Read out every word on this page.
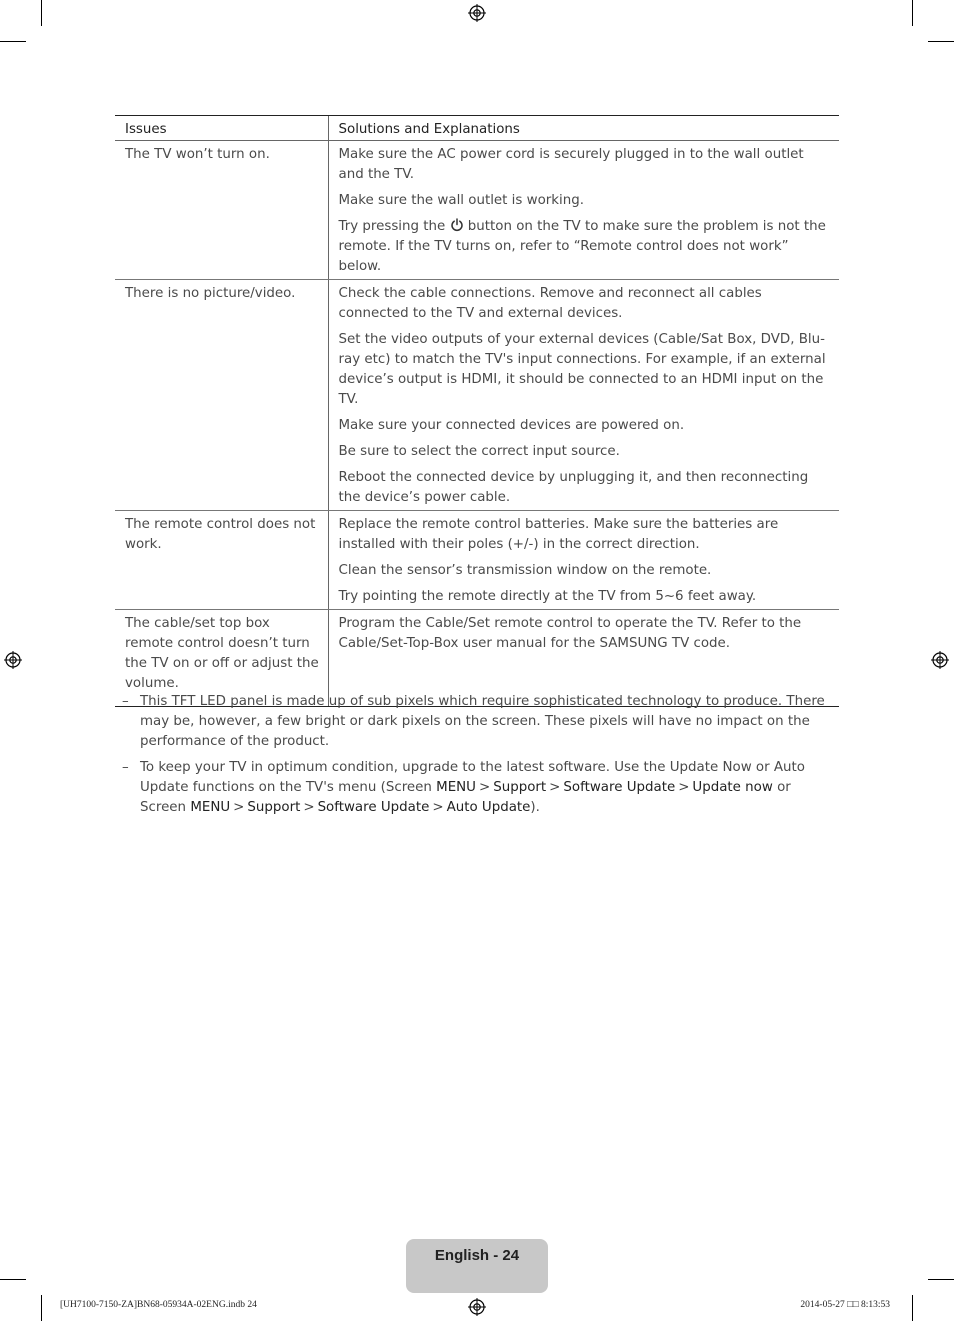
Issues	Solutions and Explanations
The TV won’t turn on.	Make sure the AC power cord is securely plugged in to the wall outlet and the TV.

Make sure the wall outlet is working.

Try pressing the button on the TV to make sure the problem is not the remote. If the TV turns on, refer to “Remote control does not work” below.

There is no picture/video.	Check the cable connections. Remove and reconnect all cables connected to the TV and external devices.

Set the video outputs of your external devices (Cable/Sat Box, DVD, Blu-ray etc) to match the TV's input connections. For example, if an external device’s output is HDMI, it should be connected to an HDMI input on the TV.

Make sure your connected devices are powered on.

Be sure to select the correct input source.

Reboot the connected device by unplugging it, and then reconnecting the device’s power cable.

The remote control does not work.	Replace the remote control batteries. Make sure the batteries are installed with their poles (+/-) in the correct direction.

Clean the sensor’s transmission window on the remote.

Try pointing the remote directly at the TV from 5~6 feet away.

The cable/set top box remote control doesn’t turn the TV on or off or adjust the volume.	Program the Cable/Set remote control to operate the TV. Refer to the Cable/Set-Top-Box user manual for the SAMSUNG TV code.

– This TFT LED panel is made up of sub pixels which require sophisticated technology to produce. There may be, however, a few bright or dark pixels on the screen. These pixels will have no impact on the performance of the product.
– To keep your TV in optimum condition, upgrade to the latest software. Use the Update Now or Auto Update functions on the TV's menu (Screen MENU > Support > Software Update > Update now or Screen MENU > Support > Software Update > Auto Update).
English - 24
[UH7100-7150-ZA]BN68-05934A-02ENG.indb 24	2014-05-27 □□ 8:13:53
